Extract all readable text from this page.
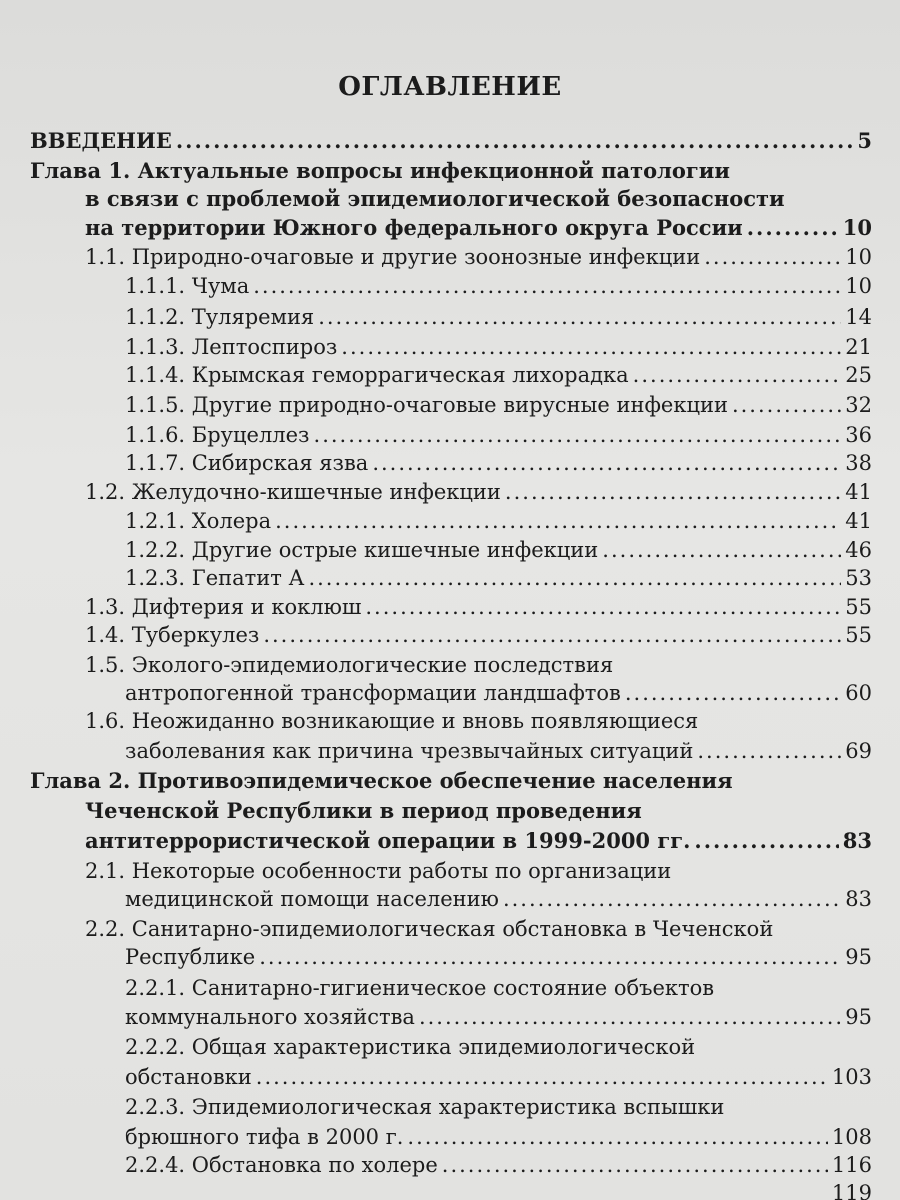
ОГЛАВЛЕНИЕ
ВВЕДЕНИЕ .....	5
Глава 1. Актуальные вопросы инфекционной патологии
в связи с проблемой эпидемиологической безопасности
на территории Южного федерального округа России .....	10
1.1. Природно-очаговые и другие зоонозные инфекции .....	10
1.1.1. Чума .....	10
1.1.2. Туляремия .....	14
1.1.3. Лептоспироз .....	21
1.1.4. Крымская геморрагическая лихорадка .....	25
1.1.5. Другие природно-очаговые вирусные инфекции .....	32
1.1.6. Бруцеллез .....	36
1.1.7. Сибирская язва .....	38
1.2. Желудочно-кишечные инфекции .....	41
1.2.1. Холера .....	41
1.2.2. Другие острые кишечные инфекции .....	46
1.2.3. Гепатит А .....	53
1.3. Дифтерия и коклюш .....	55
1.4. Туберкулез .....	55
1.5. Эколого-эпидемиологические последствия
антропогенной трансформации ландшафтов .....	60
1.6. Неожиданно возникающие и вновь появляющиеся
заболевания как причина чрезвычайных ситуаций .....	69
Глава 2. Противоэпидемическое обеспечение населения
Чеченской Республики в период проведения
антитеррористической операции в 1999-2000 гг. .....	83
2.1. Некоторые особенности работы по организации
медицинской помощи населению .....	83
2.2. Санитарно-эпидемиологическая обстановка в Чеченской
Республике .....	95
2.2.1. Санитарно-гигиеническое состояние объектов
коммунального хозяйства .....	95
2.2.2. Общая характеристика эпидемиологической
обстановки .....	103
2.2.3. Эпидемиологическая характеристика вспышки
брюшного тифа в 2000 г. .....	108
2.2.4. Обстановка по холере .....	116
119
